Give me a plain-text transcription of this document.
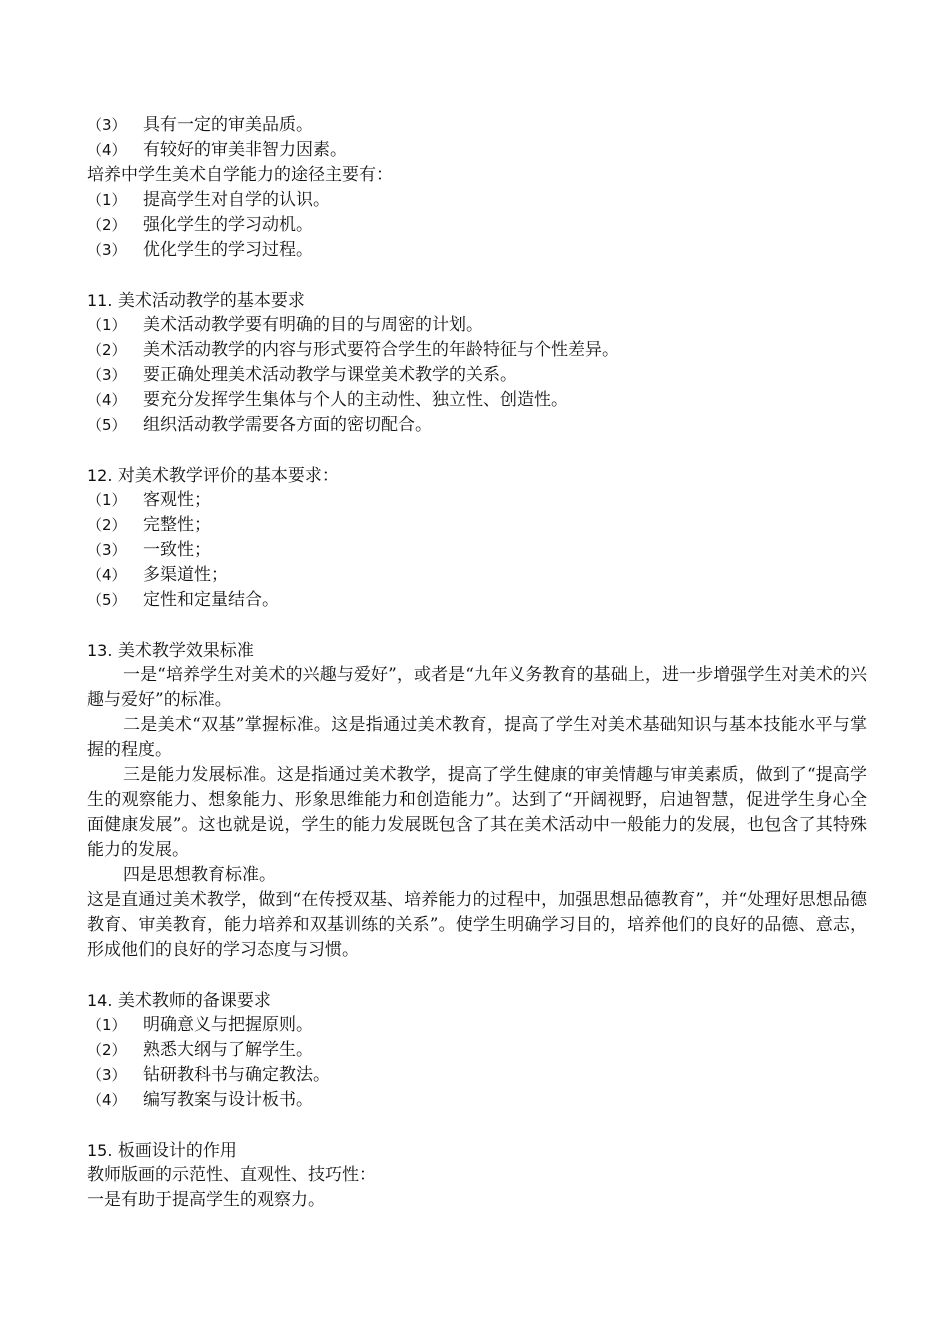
（3） 具有一定的审美品质。
（4） 有较好的审美非智力因素。
培养中学生美术自学能力的途径主要有：
（1） 提高学生对自学的认识。
（2） 强化学生的学习动机。
（3） 优化学生的学习过程。
11. 美术活动教学的基本要求
（1） 美术活动教学要有明确的目的与周密的计划。
（2） 美术活动教学的内容与形式要符合学生的年龄特征与个性差异。
（3） 要正确处理美术活动教学与课堂美术教学的关系。
（4） 要充分发挥学生集体与个人的主动性、独立性、创造性。
（5） 组织活动教学需要各方面的密切配合。
12. 对美术教学评价的基本要求：
（1） 客观性；
（2） 完整性；
（3） 一致性；
（4） 多渠道性；
（5） 定性和定量结合。
13. 美术教学效果标准

一是“培养学生对美术的兴趣与爱好”，或者是“九年义务教育的基础上，进一步增强学生对美术的兴趣与爱好”的标准。

二是美术“双基”掌握标准。这是指通过美术教育，提高了学生对美术基础知识与基本技能水平与掌握的程度。

三是能力发展标准。这是指通过美术教学，提高了学生健康的审美情趣与审美素质，做到了“提高学生的观察能力、想象能力、形象思维能力和创造能力”。达到了“开阔视野，启迪智慧，促进学生身心全面健康发展”。这也就是说，学生的能力发展既包含了其在美术活动中一般能力的发展，也包含了其特殊能力的发展。

四是思想教育标准。

这是直通过美术教学，做到“在传授双基、培养能力的过程中，加强思想品德教育”，并“处理好思想品德教育、审美教育，能力培养和双基训练的关系”。使学生明确学习目的，培养他们的良好的品德、意志，形成他们的良好的学习态度与习惯。

14. 美术教师的备课要求
（1） 明确意义与把握原则。
（2） 熟悉大纲与了解学生。
（3） 钻研教科书与确定教法。
（4） 编写教案与设计板书。
15. 板画设计的作用
教师版画的示范性、直观性、技巧性：
一是有助于提高学生的观察力。
